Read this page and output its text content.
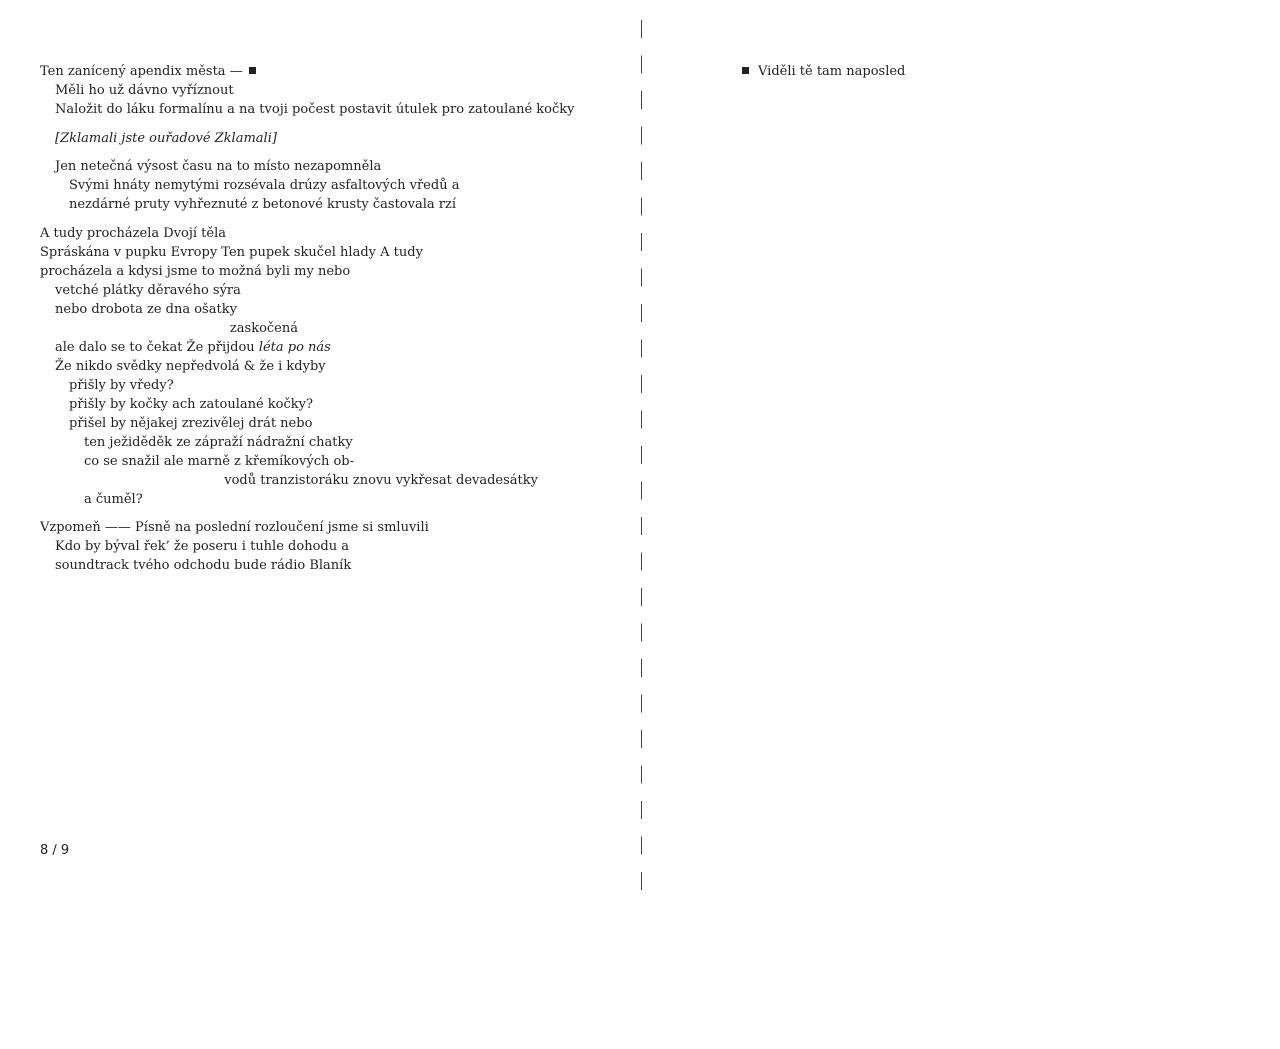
Ten zanícený apendix města —
Měli ho už dávno vyříznout
Naložit do láku formalínu a na tvoji počest postavit útulek pro zatoulané kočky
[Zklamali jste ouřadové Zklamali]
Jen netečná výsost času na to místo nezapomněla
Svými hnáty nemytými rozsévala drúzy asfaltových vředů a
nezdárné pruty vyhřeznuté z betonové krusty častovala rzí
A tudy procházela Dvojí těla
Spráskána v pupku Evropy Ten pupek skučel hlady A tudy
procházela a kdysi jsme to možná byli my nebo
vetché plátky děravého sýra
nebo drobota ze dna ošatky
zaskočená
ale dalo se to čekat Že přijdou léta po nás
Že nikdo svědky nepředvolá & že i kdyby
přišly by vředy?
přišly by kočky ach zatoulané kočky?
přišel by nějakej zrezivělej drát nebo
ten ježiděděk ze zápraží nádražní chatky
co se snažil ale marně z křemíkových ob-
vodů tranzistoráku znovu vykřesat devadesátky
a čuměl?
Vzpomeň —— Písně na poslední rozloučení jsme si smluvili
Kdo by býval řek’ že poseru i tuhle dohodu a
soundtrack tvého odchodu bude rádio Blaník
8 / 9
Viděli tě tam naposled
